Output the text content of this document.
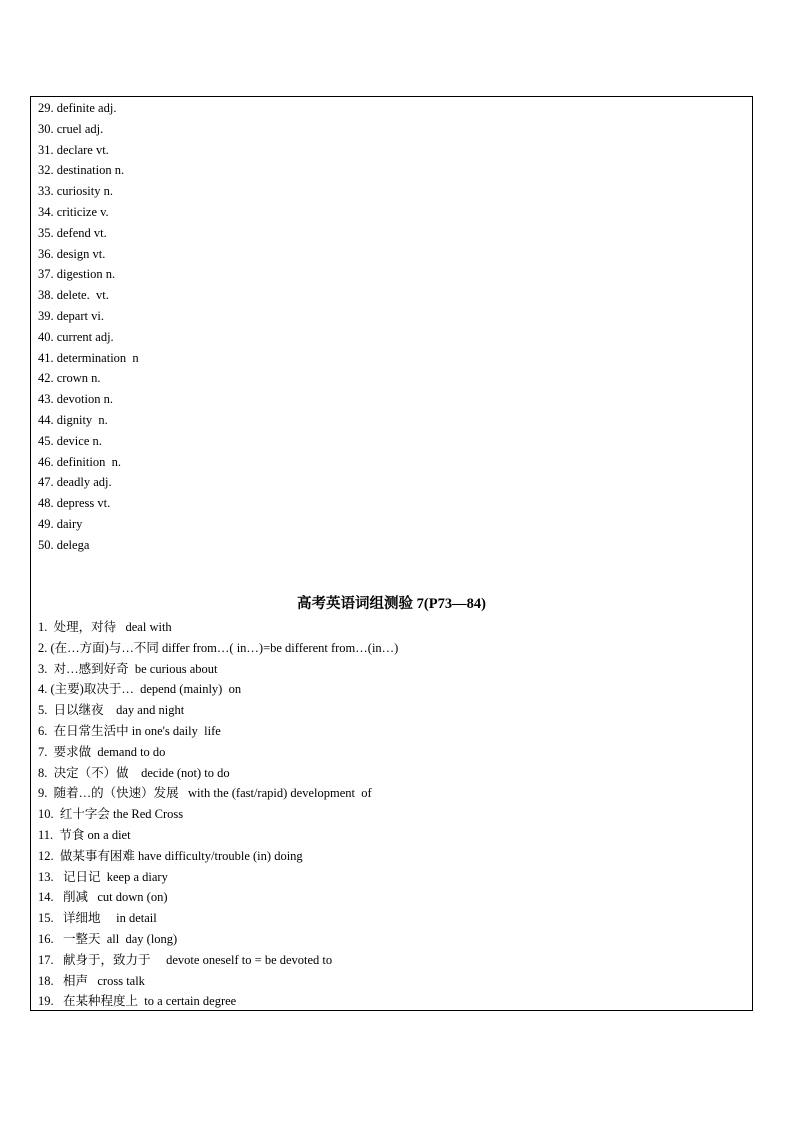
29. definite adj.
30. cruel adj.
31. declare vt.
32. destination n.
33. curiosity n.
34. criticize v.
35. defend vt.
36. design vt.
37. digestion n.
38. delete.  vt.
39. depart vi.
40. current adj.
41. determination  n
42. crown n.
43. devotion n.
44. dignity  n.
45. device n.
46. definition  n.
47. deadly adj.
48. depress vt.
49. dairy
50. delega
高考英语词组测验 7(P73—84)
1.  处理，对待   deal with
2. (在…方面)与…不同 differ from…( in…)=be different from…(in…)
3.  对…感到好奇  be curious about
4. (主要)取决于…  depend (mainly)  on
5.  日以继夜    day and night
6.  在日常生活中 in one's daily  life
7.  要求做  demand to do
8.  决定（不）做    decide (not) to do
9.  随着…的（快速）发展   with the (fast/rapid) development  of
10.  红十字会 the Red Cross
11.  节食 on a diet
12.  做某事有困难 have difficulty/trouble (in) doing
13.   记日记  keep a diary
14.   削减   cut down (on)
15.   详细地     in detail
16.   一整天  all  day (long)
17.   献身于，致力于     devote oneself to = be devoted to
18.   相声   cross talk
19.   在某种程度上  to a certain degree
